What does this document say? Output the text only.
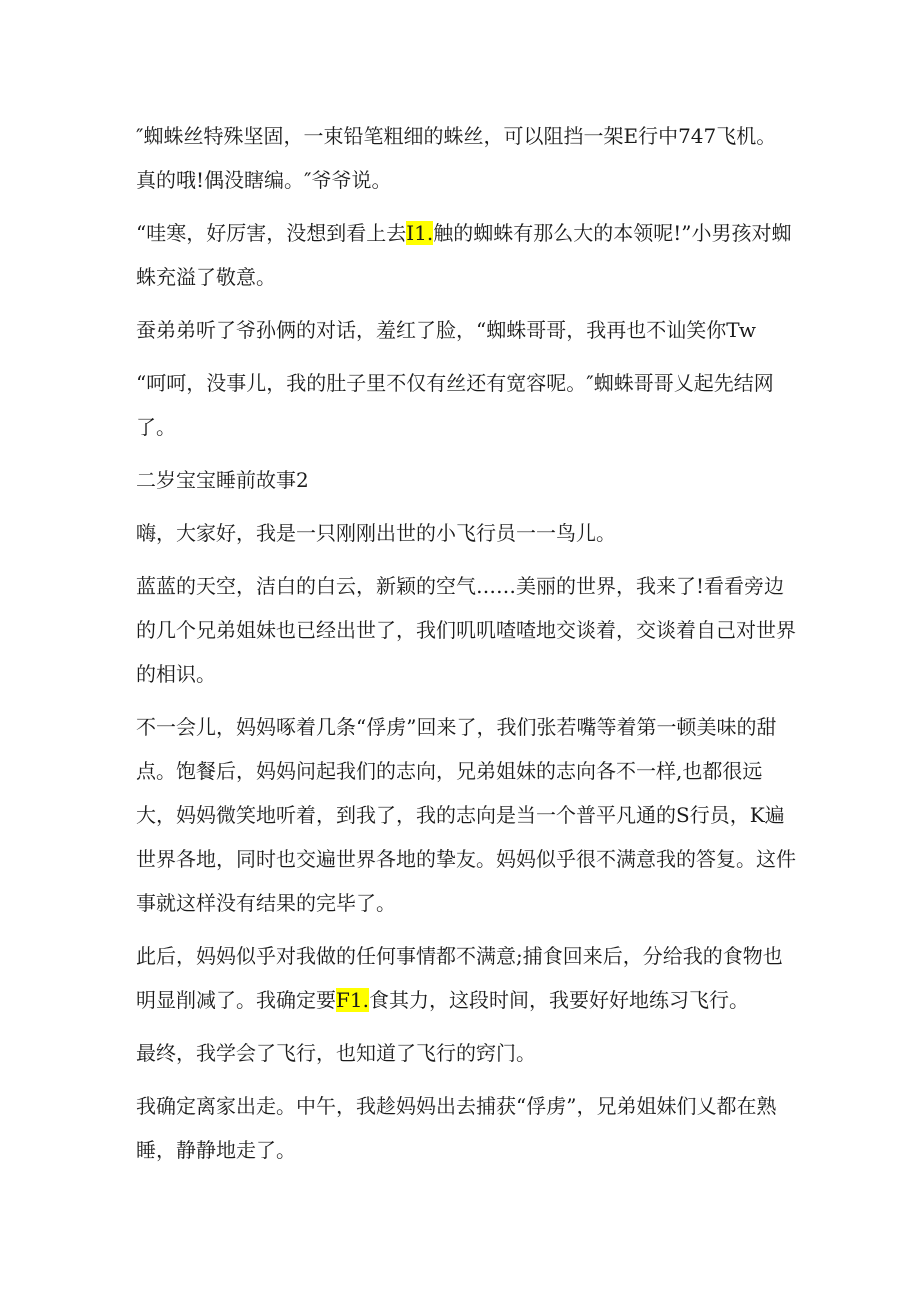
″蜘蛛丝特殊坚固，一束铅笔粗细的蛛丝，可以阻挡一架E行中747飞机。真的哦!偶没瞎编。″爷爷说。

“哇寒，好厉害，没想到看上去I1.触的蜘蛛有那么大的本领呢!”小男孩对蜘蛛充溢了敬意。

蚕弟弟听了爷孙俩的对话，羞红了脸，“蜘蛛哥哥，我再也不讪笑你Tw

“呵呵，没事儿，我的肚子里不仅有丝还有宽容呢。″蜘蛛哥哥乂起先结网了。

二岁宝宝睡前故事2

嗨，大家好，我是一只刚刚出世的小飞行员一一鸟儿。

蓝蓝的天空，洁白的白云，新颖的空气……美丽的世界，我来了!看看旁边的几个兄弟姐妹也已经出世了，我们叽叽喳喳地交谈着，交谈着自己对世界的相识。

不一会儿，妈妈啄着几条“俘虏”回来了，我们张若嘴等着第一顿美味的甜点。饱餐后，妈妈问起我们的志向，兄弟姐妹的志向各不一样,也都很远大，妈妈微笑地听着，到我了，我的志向是当一个普平凡通的S行员，K遍世界各地，同时也交遍世界各地的挚友。妈妈似乎很不满意我的答复。这件事就这样没有结果的完毕了。

此后，妈妈似乎对我做的任何事情都不满意;捕食回来后，分给我的食物也明显削减了。我确定要F1.食其力，这段时间，我要好好地练习飞行。

最终，我学会了飞行，也知道了飞行的窍门。

我确定离家出走。中午，我趁妈妈出去捕获“俘虏”，兄弟姐妹们乂都在熟睡，静静地走了。
